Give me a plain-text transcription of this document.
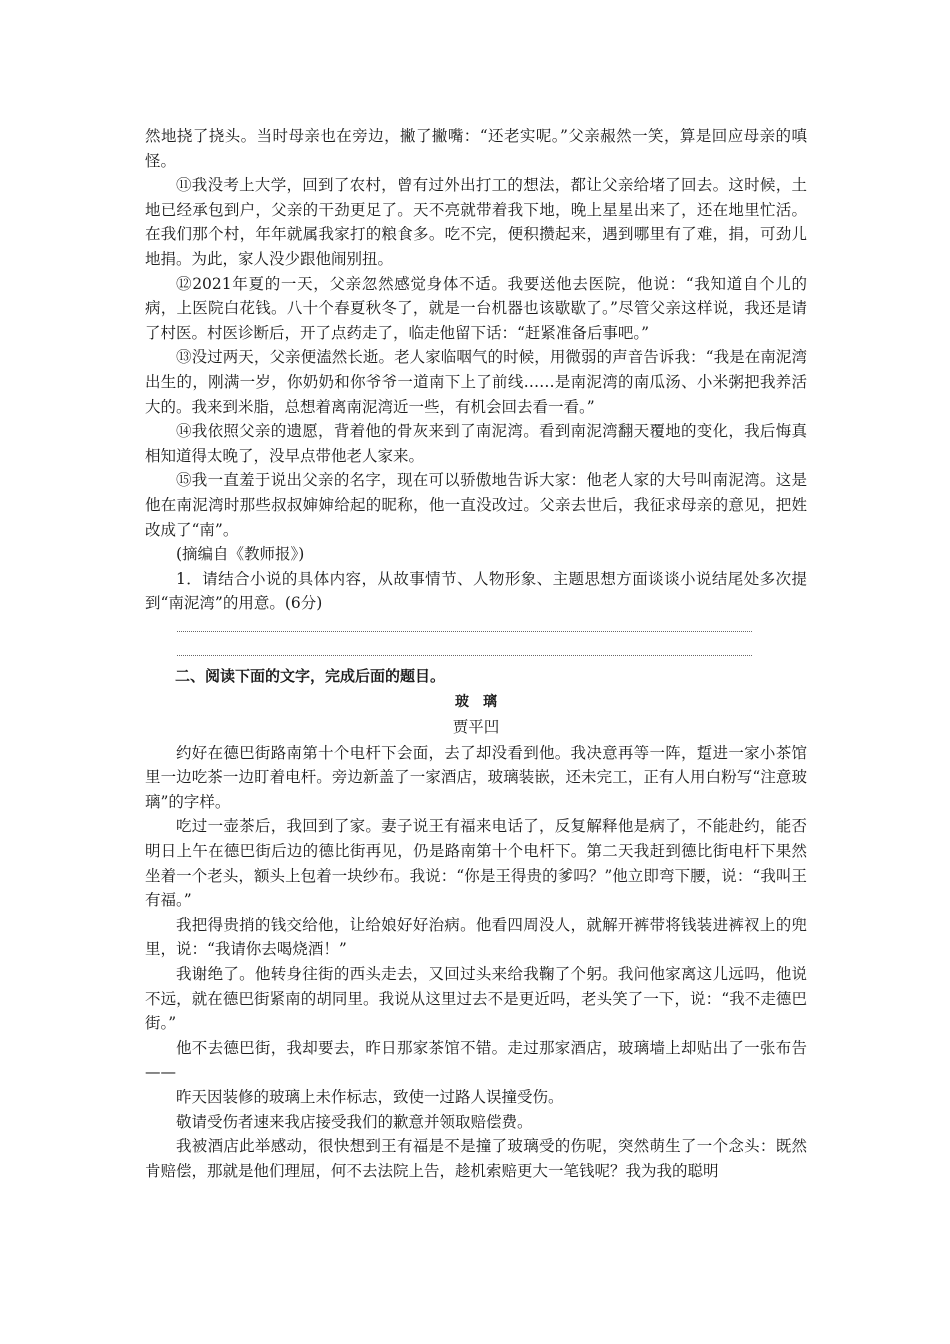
然地挠了挠头。当时母亲也在旁边，撇了撇嘴：“还老实呢。”父亲赧然一笑，算是回应母亲的嗔怪。

⑪我没考上大学，回到了农村，曾有过外出打工的想法，都让父亲给堵了回去。这时候，土地已经承包到户，父亲的干劲更足了。天不亮就带着我下地，晚上星星出来了，还在地里忙活。在我们那个村，年年就属我家打的粮食多。吃不完，便积攒起来，遇到哪里有了难，捐，可劲儿地捐。为此，家人没少跟他闹别扭。

⑫2021年夏的一天，父亲忽然感觉身体不适。我要送他去医院，他说：“我知道自个儿的病，上医院白花钱。八十个春夏秋冬了，就是一台机器也该歇歇了。”尽管父亲这样说，我还是请了村医。村医诊断后，开了点药走了，临走他留下话：“赶紧准备后事吧。”

⑬没过两天，父亲便溘然长逝。老人家临咽气的时候，用微弱的声音告诉我：“我是在南泥湾出生的，刚满一岁，你奶奶和你爷爷一道南下上了前线……是南泥湾的南瓜汤、小米粥把我养活大的。我来到米脂，总想着离南泥湾近一些，有机会回去看一看。”

⑭我依照父亲的遗愿，背着他的骨灰来到了南泥湾。看到南泥湾翻天覆地的变化，我后悔真相知道得太晚了，没早点带他老人家来。

⑮我一直羞于说出父亲的名字，现在可以骄傲地告诉大家：他老人家的大号叫南泥湾。这是他在南泥湾时那些叔叔婶婶给起的昵称，他一直没改过。父亲去世后，我征求母亲的意见，把姓改成了“南”。

(摘编自《教师报》)

1．请结合小说的具体内容，从故事情节、人物形象、主题思想方面谈谈小说结尾处多次提到“南泥湾”的用意。(6分)

二、阅读下面的文字，完成后面的题目。

玻璃

贾平凹

约好在德巴街路南第十个电杆下会面，去了却没看到他。我决意再等一阵，踅进一家小茶馆里一边吃茶一边盯着电杆。旁边新盖了一家酒店，玻璃装嵌，还未完工，正有人用白粉写“注意玻璃”的字样。

吃过一壶茶后，我回到了家。妻子说王有福来电话了，反复解释他是病了，不能赴约，能否明日上午在德巴街后边的德比街再见，仍是路南第十个电杆下。第二天我赶到德比街电杆下果然坐着一个老头，额头上包着一块纱布。我说：“你是王得贵的爹吗？”他立即弯下腰，说：“我叫王有福。”

我把得贵捎的钱交给他，让给娘好好治病。他看四周没人，就解开裤带将钱装进裤衩上的兜里，说：“我请你去喝烧酒！”

我谢绝了。他转身往街的西头走去，又回过头来给我鞠了个躬。我问他家离这儿远吗，他说不远，就在德巴街紧南的胡同里。我说从这里过去不是更近吗，老头笑了一下，说：“我不走德巴街。”

他不去德巴街，我却要去，昨日那家茶馆不错。走过那家酒店，玻璃墙上却贴出了一张布告——

昨天因装修的玻璃上未作标志，致使一过路人误撞受伤。

敬请受伤者速来我店接受我们的歉意并领取赔偿费。

我被酒店此举感动，很快想到王有福是不是撞了玻璃受的伤呢，突然萌生了一个念头：既然肯赔偿，那就是他们理屈，何不去法院上告，趁机索赔更大一笔钱呢？我为我的聪明
